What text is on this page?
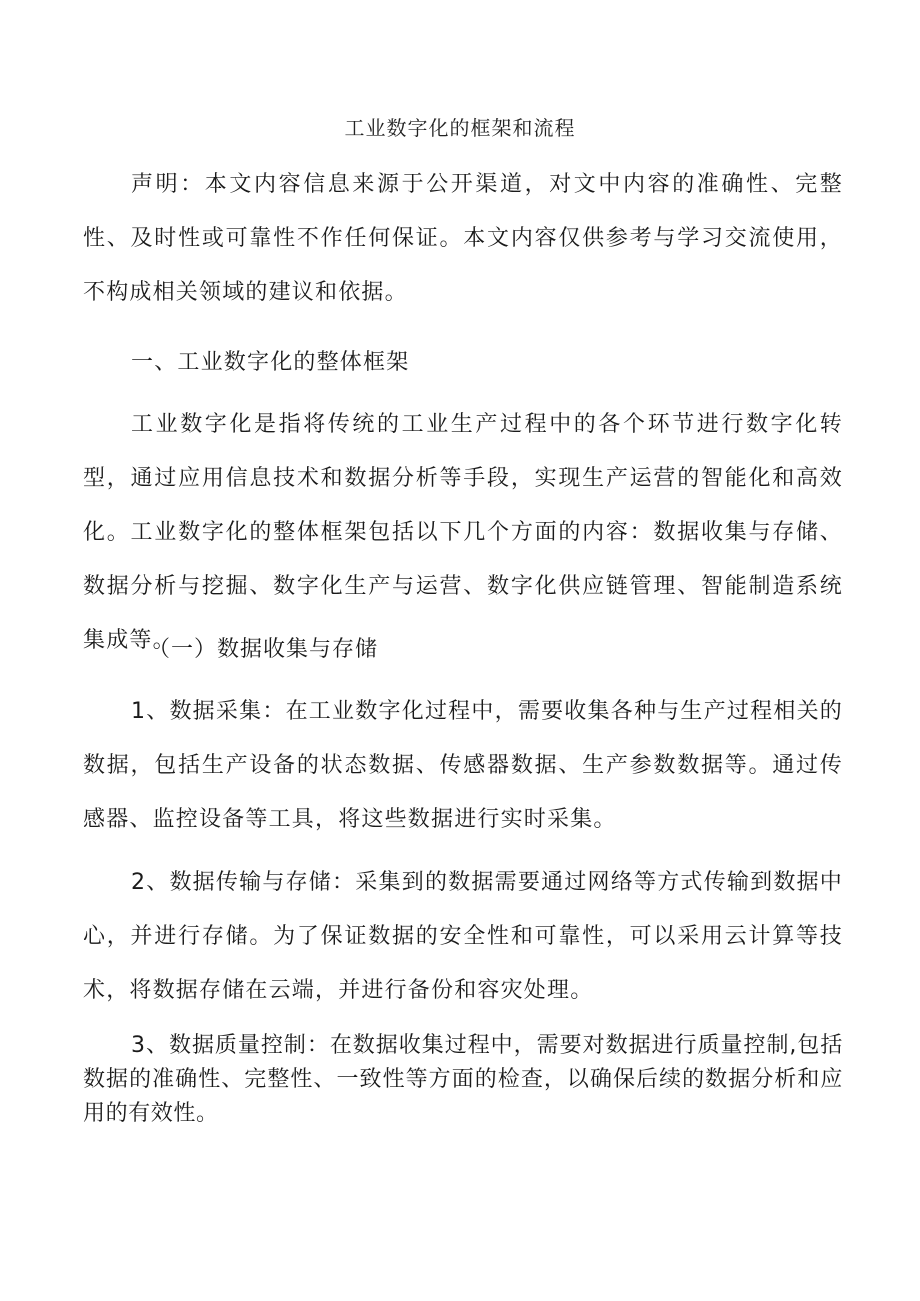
工业数字化的框架和流程
声明：本文内容信息来源于公开渠道，对文中内容的准确性、完整性、及时性或可靠性不作任何保证。本文内容仅供参考与学习交流使用，不构成相关领域的建议和依据。
一、工业数字化的整体框架
工业数字化是指将传统的工业生产过程中的各个环节进行数字化转型，通过应用信息技术和数据分析等手段，实现生产运营的智能化和高效化。工业数字化的整体框架包括以下几个方面的内容：数据收集与存储、数据分析与挖掘、数字化生产与运营、数字化供应链管理、智能制造系统集成等。
（一）数据收集与存储
1、数据采集：在工业数字化过程中，需要收集各种与生产过程相关的数据，包括生产设备的状态数据、传感器数据、生产参数数据等。通过传感器、监控设备等工具，将这些数据进行实时采集。
2、数据传输与存储：采集到的数据需要通过网络等方式传输到数据中心，并进行存储。为了保证数据的安全性和可靠性，可以采用云计算等技术，将数据存储在云端，并进行备份和容灾处理。
3、数据质量控制：在数据收集过程中，需要对数据进行质量控制,包括数据的准确性、完整性、一致性等方面的检查，以确保后续的数据分析和应用的有效性。
